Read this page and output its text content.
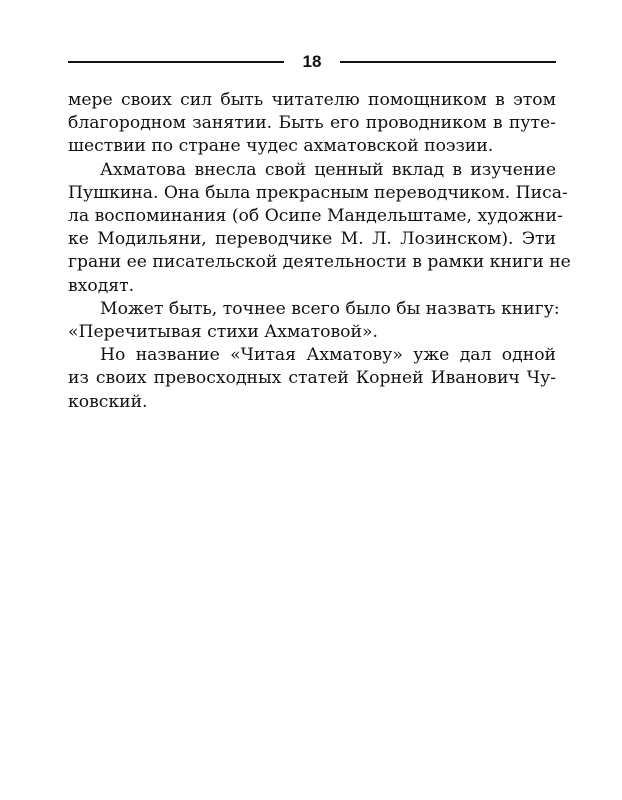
18

мере своих сил быть читателю помощником в этом
благородном занятии. Быть его проводником в путе-
шествии по стране чудес ахматовской поэзии.

Ахматова внесла свой ценный вклад в изучение
Пушкина. Она была прекрасным переводчиком. Писа-
ла воспоминания (об Осипе Мандельштаме, художни-
ке Модильяни, переводчике М. Л. Лозинском). Эти
грани ее писательской деятельности в рамки книги не
входят.

Может быть, точнее всего было бы назвать книгу:
«Перечитывая стихи Ахматовой».

Но название «Читая Ахматову» уже дал одной
из своих превосходных статей Корней Иванович Чу-
ковский.
